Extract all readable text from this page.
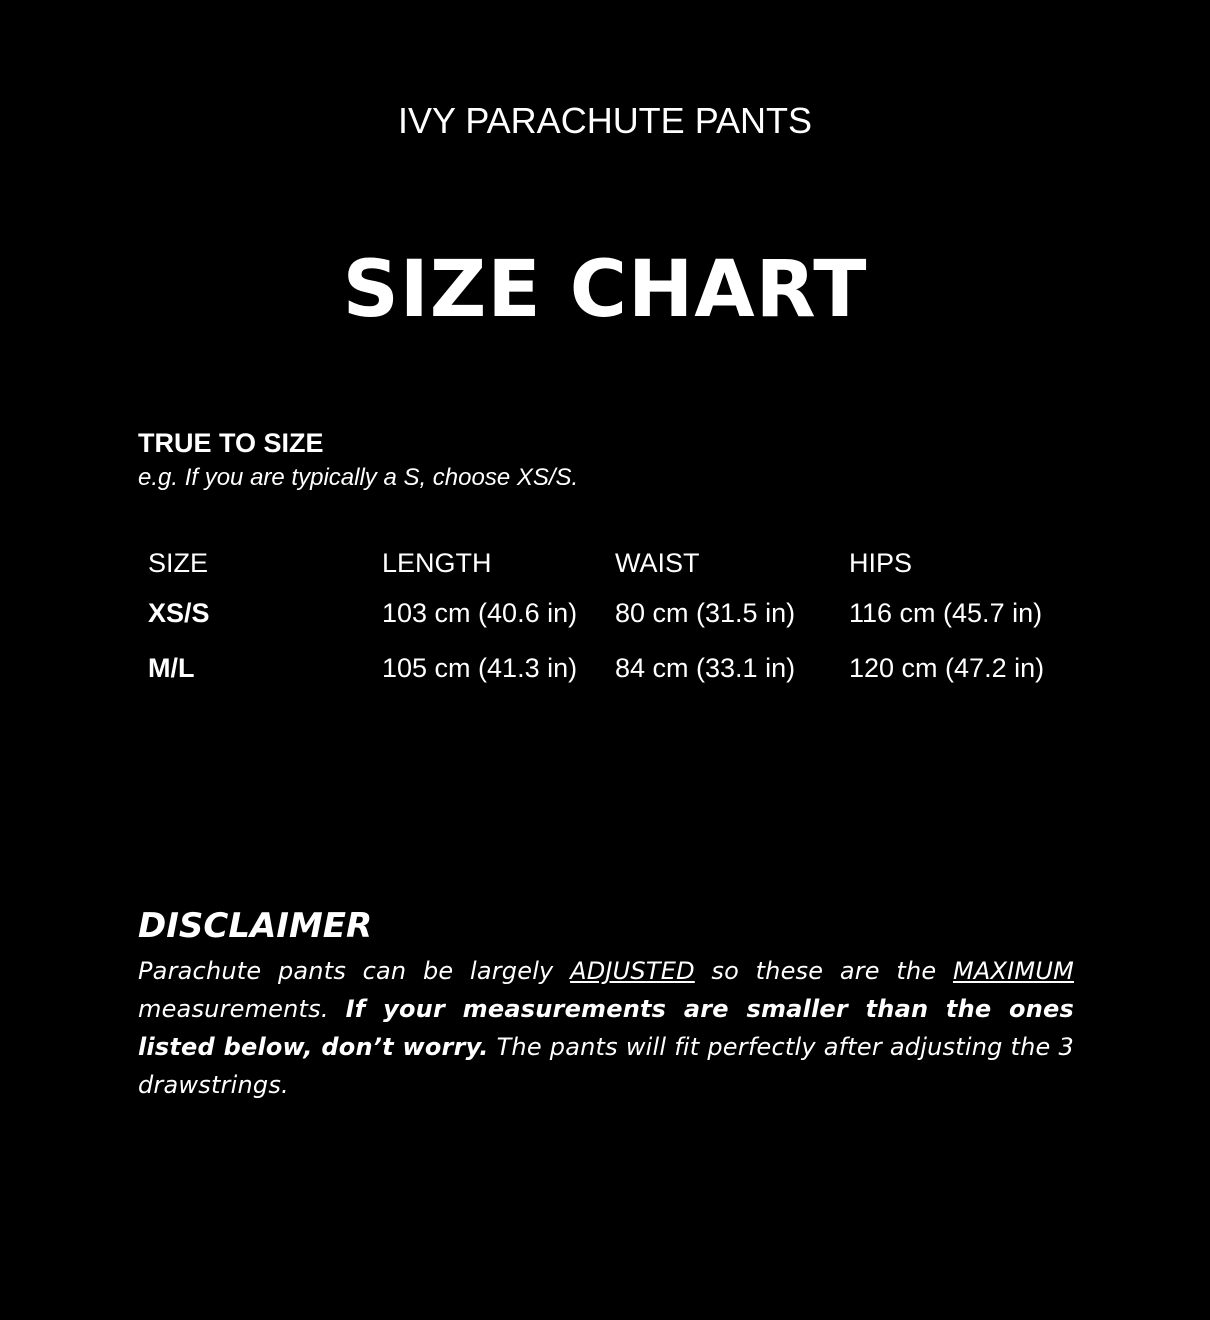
IVY PARACHUTE PANTS
SIZE CHART

TRUE TO SIZE

e.g. If you are typically a S, choose XS/S.

SIZE	LENGTH	WAIST	HIPS
XS/S	103 cm (40.6 in)	80 cm (31.5 in)	116 cm (45.7 in)
M/L	105 cm (41.3 in)	84 cm (33.1 in)	120 cm (47.2 in)

DISCLAIMER

Parachute pants can be largely ADJUSTED so these are the MAXIMUM measurements. If your measurements are smaller than the ones listed below, don’t worry. The pants will fit perfectly after adjusting the 3 drawstrings.
